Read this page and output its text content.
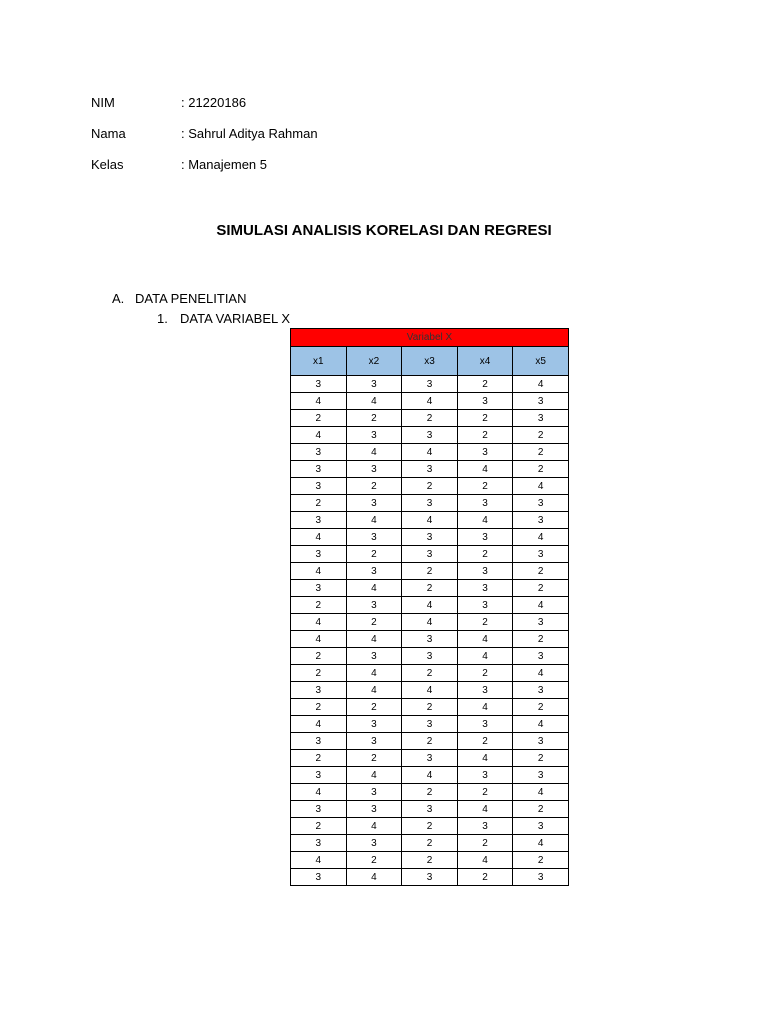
NIM	: 21220186
Nama	: Sahrul Aditya Rahman
Kelas	: Manajemen 5
SIMULASI ANALISIS KORELASI DAN REGRESI
A. DATA PENELITIAN
1. DATA VARIABEL X
Variabel X				
x1	x2	x3	x4	x5
3	3	3	2	4
4	4	4	3	3
2	2	2	2	3
4	3	3	2	2
3	4	4	3	2
3	3	3	4	2
3	2	2	2	4
2	3	3	3	3
3	4	4	4	3
4	3	3	3	4
3	2	3	2	3
4	3	2	3	2
3	4	2	3	2
2	3	4	3	4
4	2	4	2	3
4	4	3	4	2
2	3	3	4	3
2	4	2	2	4
3	4	4	3	3
2	2	2	4	2
4	3	3	3	4
3	3	2	2	3
2	2	3	4	2
3	4	4	3	3
4	3	2	2	4
3	3	3	4	2
2	4	2	3	3
3	3	2	2	4
4	2	2	4	2
3	4	3	2	3
